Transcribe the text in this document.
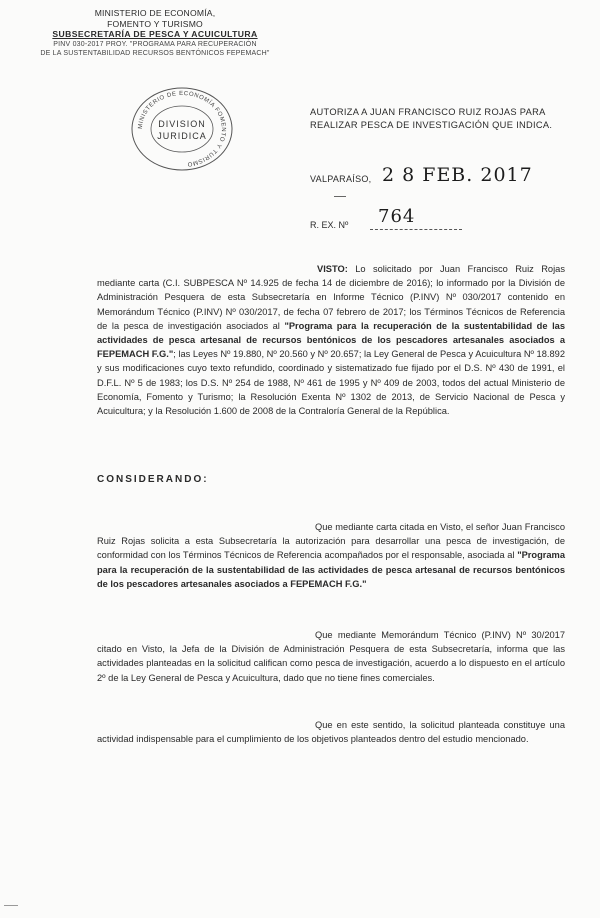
MINISTERIO DE ECONOMÍA,
FOMENTO Y TURISMO
SUBSECRETARÍA DE PESCA Y ACUICULTURA
PINV 030-2017 PROY. "PROGRAMA PARA RECUPERACIÓN
DE LA SUSTENTABILIDAD RECURSOS BENTÓNICOS FEPEMACH"
MINISTERIO DE ECONOMÍA FOMENTO Y TURISMO
DIVISION
JURIDICA
AUTORIZA A JUAN FRANCISCO RUIZ ROJAS PARA
REALIZAR PESCA DE INVESTIGACIÓN QUE INDICA.
VALPARAÍSO, 2 8 FEB. 2017
R. EX. Nº 764

VISTO: Lo solicitado por Juan Francisco Ruiz Rojas mediante carta (C.I. SUBPESCA Nº 14.925 de fecha 14 de diciembre de 2016); lo informado por la División de Administración Pesquera de esta Subsecretaría en Informe Técnico (P.INV) Nº 030/2017 contenido en Memorándum Técnico (P.INV) Nº 030/2017, de fecha 07 febrero de 2017; los Términos Técnicos de Referencia de la pesca de investigación asociados al "Programa para la recuperación de la sustentabilidad de las actividades de pesca artesanal de recursos bentónicos de los pescadores artesanales asociados a FEPEMACH F.G."; las Leyes Nº 19.880, Nº 20.560 y Nº 20.657; la Ley General de Pesca y Acuicultura Nº 18.892 y sus modificaciones cuyo texto refundido, coordinado y sistematizado fue fijado por el D.S. Nº 430 de 1991, el D.F.L. Nº 5 de 1983; los D.S. Nº 254 de 1988, Nº 461 de 1995 y Nº 409 de 2003, todos del actual Ministerio de Economía, Fomento y Turismo; la Resolución Exenta Nº 1302 de 2013, de Servicio Nacional de Pesca y Acuicultura; y la Resolución 1.600 de 2008 de la Contraloría General de la República.

CONSIDERANDO:

Que mediante carta citada en Visto, el señor Juan Francisco Ruiz Rojas solicita a esta Subsecretaría la autorización para desarrollar una pesca de investigación, de conformidad con los Términos Técnicos de Referencia acompañados por el responsable, asociada al "Programa para la recuperación de la sustentabilidad de las actividades de pesca artesanal de recursos bentónicos de los pescadores artesanales asociados a FEPEMACH F.G."

Que mediante Memorándum Técnico (P.INV) Nº 30/2017 citado en Visto, la Jefa de la División de Administración Pesquera de esta Subsecretaría, informa que las actividades planteadas en la solicitud califican como pesca de investigación, acuerdo a lo dispuesto en el artículo 2º de la Ley General de Pesca y Acuicultura, dado que no tiene fines comerciales.

Que en este sentido, la solicitud planteada constituye una actividad indispensable para el cumplimiento de los objetivos planteados dentro del estudio mencionado.
